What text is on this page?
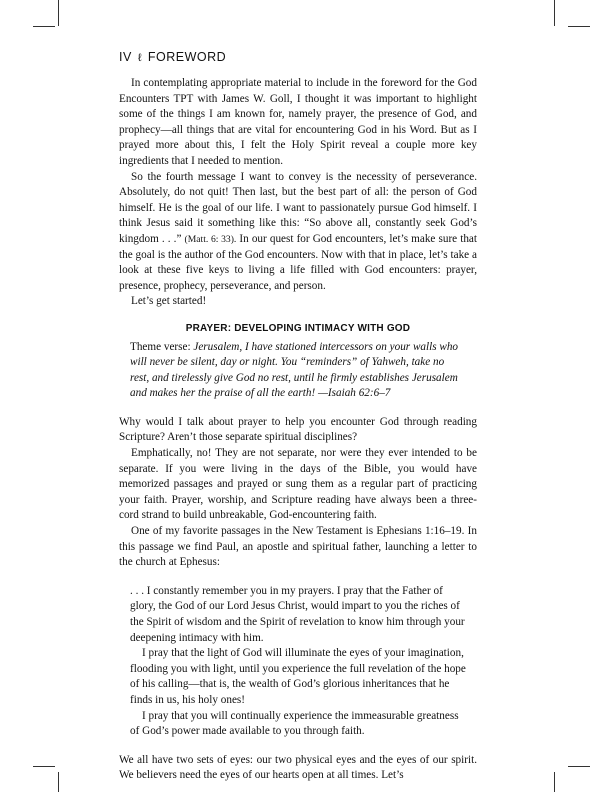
IV ℓ FOREWORD

In contemplating appropriate material to include in the foreword for the God Encounters TPT with James W. Goll, I thought it was important to highlight some of the things I am known for, namely prayer, the presence of God, and prophecy—all things that are vital for encountering God in his Word. But as I prayed more about this, I felt the Holy Spirit reveal a couple more key ingredients that I needed to mention.

So the fourth message I want to convey is the necessity of perseverance. Absolutely, do not quit! Then last, but the best part of all: the person of God himself. He is the goal of our life. I want to passionately pursue God himself. I think Jesus said it something like this: “So above all, constantly seek God’s kingdom . . .” (Matt. 6: 33). In our quest for God encounters, let’s make sure that the goal is the author of the God encounters. Now with that in place, let’s take a look at these five keys to living a life filled with God encounters: prayer, presence, prophecy, perseverance, and person.

Let’s get started!

PRAYER: DEVELOPING INTIMACY WITH GOD
Theme verse: Jerusalem, I have stationed intercessors on your walls who will never be silent, day or night. You “reminders” of Yahweh, take no rest, and tirelessly give God no rest, until he firmly establishes Jerusalem and makes her the praise of all the earth! —Isaiah 62:6–7

Why would I talk about prayer to help you encounter God through reading Scripture? Aren’t those separate spiritual disciplines?

Emphatically, no! They are not separate, nor were they ever intended to be separate. If you were living in the days of the Bible, you would have memorized passages and prayed or sung them as a regular part of practicing your faith. Prayer, worship, and Scripture reading have always been a three-cord strand to build unbreakable, God-encountering faith.

One of my favorite passages in the New Testament is Ephesians 1:16–19. In this passage we find Paul, an apostle and spiritual father, launching a letter to the church at Ephesus:

. . . I constantly remember you in my prayers. I pray that the Father of glory, the God of our Lord Jesus Christ, would impart to you the riches of the Spirit of wisdom and the Spirit of revelation to know him through your deepening intimacy with him.

I pray that the light of God will illuminate the eyes of your imagination, flooding you with light, until you experience the full revelation of the hope of his calling—that is, the wealth of God’s glorious inheritances that he finds in us, his holy ones!

I pray that you will continually experience the immeasurable greatness of God’s power made available to you through faith.

We all have two sets of eyes: our two physical eyes and the eyes of our spirit. We believers need the eyes of our hearts open at all times. Let’s
